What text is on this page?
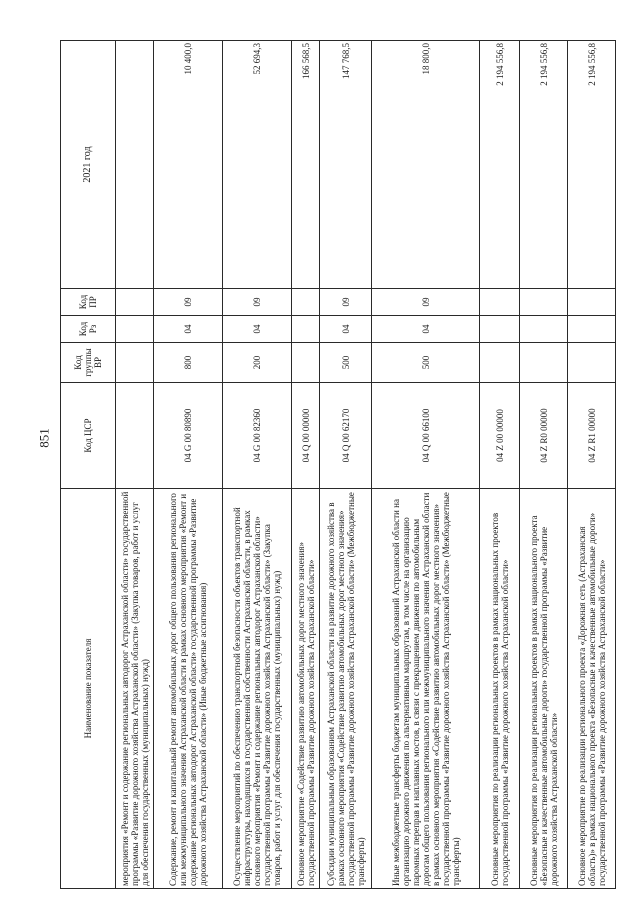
851
Наименование показателя	Код ЦСР	Код группы ВР	Код Рз	Код ПР	2021 год
мероприятия «Ремонт и содержание региональных автодорог Астраханской области» государственной программы «Развитие дорожного хозяйства Астраханской области» (Закупка товаров, работ и услуг для обеспечения государственных (муниципальных) нужд)					
Содержание, ремонт и капитальный ремонт автомобильных дорог общего пользования регионального или межмуниципального значения Астраханской области в рамках основного мероприятия «Ремонт и содержание региональных автодорог Астраханской области» государственной программы «Развитие дорожного хозяйства Астраханской области» (Иные бюджетные ассигнования)	04 G 00 80890	800	04	09	10 400,0
Осуществление мероприятий по обеспечению транспортной безопасности объектов транспортной инфраструктуры, находящихся в государственной собственности Астраханской области, в рамках основного мероприятия «Ремонт и содержание региональных автодорог Астраханской области» государственной программы «Развитие дорожного хозяйства Астраханской области» (Закупка товаров, работ и услуг для обеспечения государственных (муниципальных) нужд)	04 G 00 82360	200	04	09	52 694,3
Основное мероприятие «Содействие развитию автомобильных дорог местного значения» государственной программы «Развитие дорожного хозяйства Астраханской области»	04 Q 00 00000				166 568,5
Субсидии муниципальным образованиям Астраханской области на развитие дорожного хозяйства в рамках основного мероприятия «Содействие развитию автомобильных дорог местного значения» государственной программы «Развитие дорожного хозяйства Астраханской области» (Межбюджетные трансферты)	04 Q 00 62170	500	04	09	147 768,5
Иные межбюджетные трансферты бюджетам муниципальных образований Астраханской области на организацию дорожного движения по альтернативным маршрутам, в том числе на организацию паромных переправ и наплавных мостов, в связи с прекращением движения по автомобильным дорогам общего пользования регионального или межмуниципального значения Астраханской области в рамках основного мероприятия «Содействие развитию автомобильных дорог местного значения» государственной программы «Развитие дорожного хозяйства Астраханской области» (Межбюджетные трансферты)	04 Q 00 66100	500	04	09	18 800,0
Основные мероприятия по реализации региональных проектов в рамках национальных проектов государственной программы «Развитие дорожного хозяйства Астраханской области»	04 Z 00 00000				2 194 556,8
Основные мероприятия по реализации региональных проектов в рамках национального проекта «Безопасные и качественные автомобильные дороги» государственной программы «Развитие дорожного хозяйства Астраханской области»	04 Z R0 00000				2 194 556,8
Основное мероприятие по реализации регионального проекта «Дорожная сеть (Астраханская область)» в рамках национального проекта «Безопасные и качественные автомобильные дороги» государственной программы «Развитие дорожного хозяйства Астраханской области»	04 Z R1 00000				2 194 556,8
